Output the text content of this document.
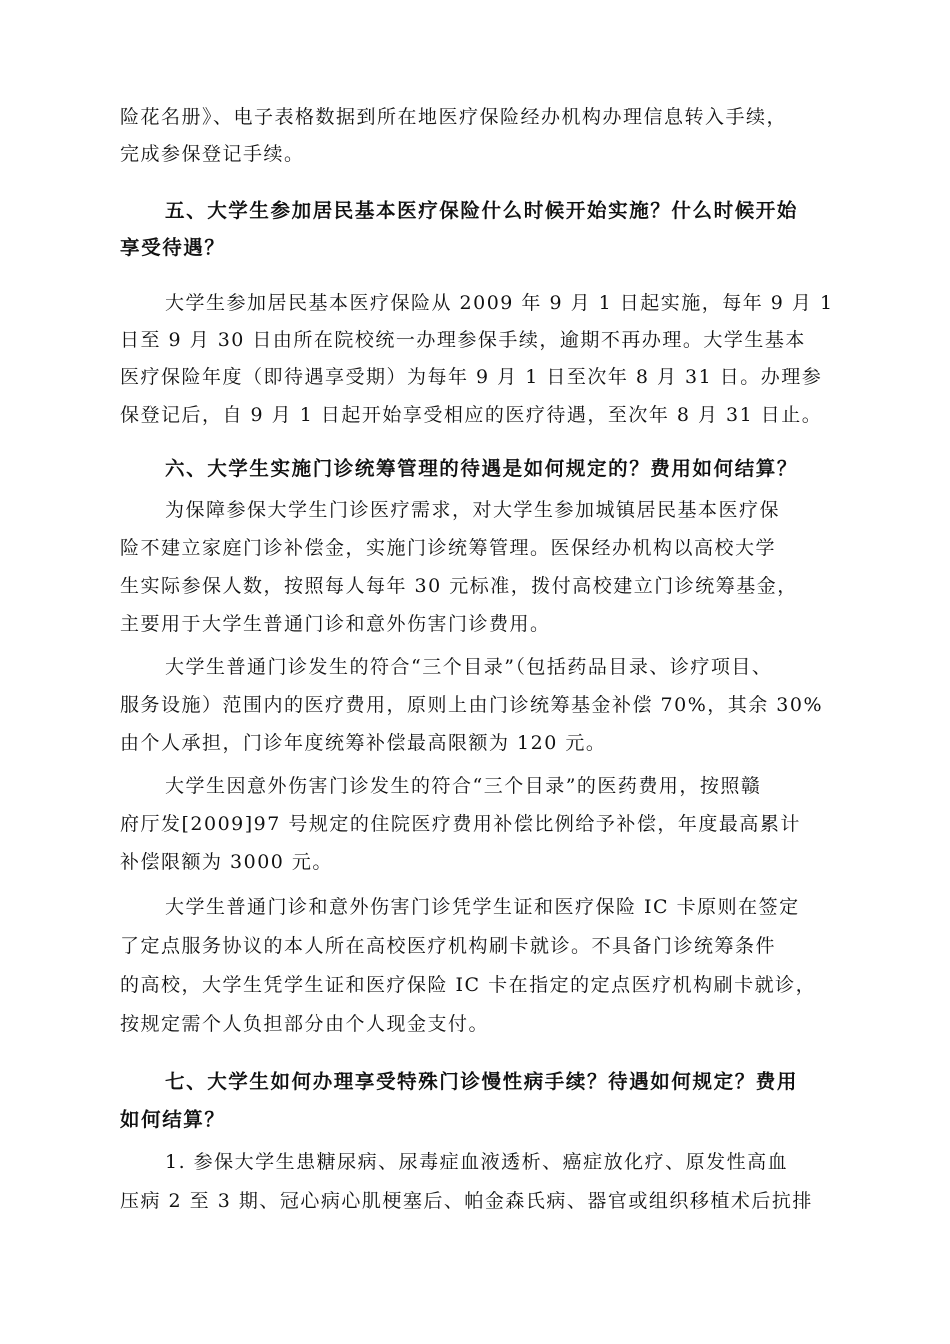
险花名册》、电子表格数据到所在地医疗保险经办机构办理信息转入手续，
完成参保登记手续。
五、大学生参加居民基本医疗保险什么时候开始实施？什么时候开始
享受待遇？
大学生参加居民基本医疗保险从 2009 年 9 月 1 日起实施，每年 9 月 1
日至 9 月 30 日由所在院校统一办理参保手续，逾期不再办理。大学生基本
医疗保险年度（即待遇享受期）为每年 9 月 1 日至次年 8 月 31 日。办理参
保登记后，自 9 月 1 日起开始享受相应的医疗待遇，至次年 8 月 31 日止。
六、大学生实施门诊统筹管理的待遇是如何规定的？费用如何结算？
为保障参保大学生门诊医疗需求，对大学生参加城镇居民基本医疗保
险不建立家庭门诊补偿金，实施门诊统筹管理。医保经办机构以高校大学
生实际参保人数，按照每人每年 30 元标准，拨付高校建立门诊统筹基金，
主要用于大学生普通门诊和意外伤害门诊费用。
大学生普通门诊发生的符合“三个目录”（包括药品目录、诊疗项目、
服务设施）范围内的医疗费用，原则上由门诊统筹基金补偿 70%，其余 30%
由个人承担，门诊年度统筹补偿最高限额为 120 元。
大学生因意外伤害门诊发生的符合“三个目录”的医药费用，按照赣
府厅发[2009]97 号规定的住院医疗费用补偿比例给予补偿，年度最高累计
补偿限额为 3000 元。
大学生普通门诊和意外伤害门诊凭学生证和医疗保险 IC 卡原则在签定
了定点服务协议的本人所在高校医疗机构刷卡就诊。不具备门诊统筹条件
的高校，大学生凭学生证和医疗保险 IC 卡在指定的定点医疗机构刷卡就诊，
按规定需个人负担部分由个人现金支付。
七、大学生如何办理享受特殊门诊慢性病手续？待遇如何规定？费用
如何结算？
1. 参保大学生患糖尿病、尿毒症血液透析、癌症放化疗、原发性高血
压病 2 至 3 期、冠心病心肌梗塞后、帕金森氏病、器官或组织移植术后抗排
